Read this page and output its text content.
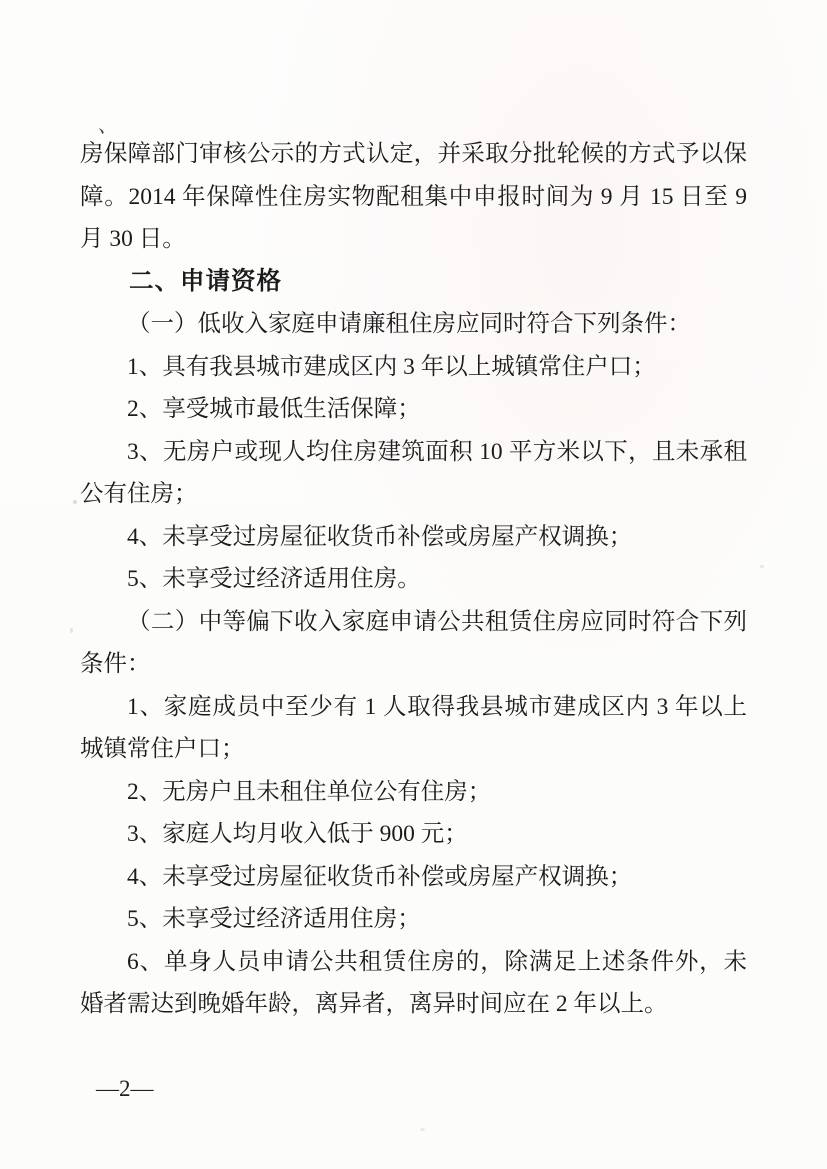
、

房保障部门审核公示的方式认定，并采取分批轮候的方式予以保障。2014 年保障性住房实物配租集中申报时间为 9 月 15 日至 9 月 30 日。

二、申请资格

（一）低收入家庭申请廉租住房应同时符合下列条件：

1、具有我县城市建成区内 3 年以上城镇常住户口；

2、享受城市最低生活保障；

3、无房户或现人均住房建筑面积 10 平方米以下，且未承租公有住房；

4、未享受过房屋征收货币补偿或房屋产权调换；

5、未享受过经济适用住房。

（二）中等偏下收入家庭申请公共租赁住房应同时符合下列条件：

1、家庭成员中至少有 1 人取得我县城市建成区内 3 年以上城镇常住户口；

2、无房户且未租住单位公有住房；

3、家庭人均月收入低于 900 元；

4、未享受过房屋征收货币补偿或房屋产权调换；

5、未享受过经济适用住房；

6、单身人员申请公共租赁住房的，除满足上述条件外，未婚者需达到晚婚年龄，离异者，离异时间应在 2 年以上。

—2—
